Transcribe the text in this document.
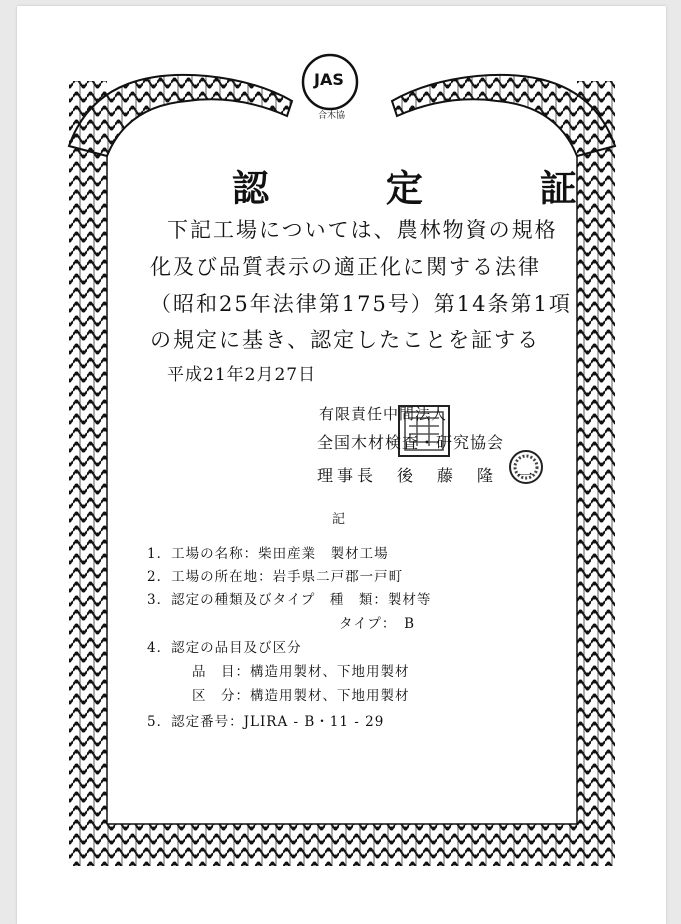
JAS
合木協
認 定 証
下記工場については、農林物資の規格
化及び品質表示の適正化に関する法律
（昭和25年法律第175号）第14条第1項
の規定に基き、認定したことを証する
平成21年2月27日
有限責任中間法人
全国木材検査・研究協会
理事長　後　藤　隆　一
記
1．工場の名称：柴田産業　製材工場
2．工場の所在地：岩手県二戸郡一戸町
3．認定の種類及びタイプ　種　類：製材等
タイプ：　B
4．認定の品目及び区分
品　目：構造用製材、下地用製材
区　分：構造用製材、下地用製材
5．認定番号：JLIRA - B・11 - 29
